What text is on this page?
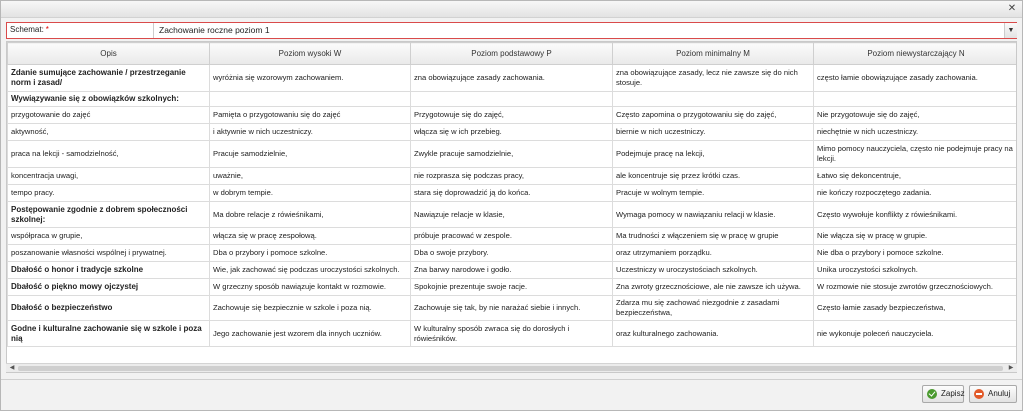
✕
Schemat: *	Zachowanie roczne poziom 1	▼
Opis	Poziom wysoki W	Poziom podstawowy P	Poziom minimalny M	Poziom niewystarczający N
Zdanie sumujące zachowanie / przestrzeganie norm i zasad/	wyróżnia się wzorowym zachowaniem.	zna obowiązujące zasady zachowania.	zna obowiązujące zasady, lecz nie zawsze się do nich stosuje.	często łamie obowiązujące zasady zachowania.
Wywiązywanie się z obowiązków szkolnych:				
przygotowanie do zajęć	Pamięta o przygotowaniu się do zajęć	Przygotowuje się do zajęć,	Często zapomina o przygotowaniu się do zajęć,	Nie przygotowuje się do zajęć,
aktywność,	i aktywnie w nich uczestniczy.	włącza się w ich przebieg.	biernie w nich uczestniczy.	niechętnie w nich uczestniczy.
praca na lekcji - samodzielność,	Pracuje samodzielnie,	Zwykle pracuje samodzielnie,	Podejmuje pracę na lekcji,	Mimo pomocy nauczyciela, często nie podejmuje pracy na lekcji.
koncentracja uwagi,	uważnie,	nie rozprasza się podczas pracy,	ale koncentruje się przez krótki czas.	Łatwo się dekoncentruje,
tempo pracy.	w dobrym tempie.	stara się doprowadzić ją do końca.	Pracuje w wolnym tempie.	nie kończy rozpoczętego zadania.
Postępowanie zgodnie z dobrem społeczności szkolnej:	Ma dobre relacje z rówieśnikami,	Nawiązuje relacje w klasie,	Wymaga pomocy w nawiązaniu relacji w klasie.	Często wywołuje konflikty z rówieśnikami.
współpraca w grupie,	włącza się w pracę zespołową.	próbuje pracować w zespole.	Ma trudności z włączeniem się w pracę w grupie	Nie włącza się w pracę w grupie.
poszanowanie własności wspólnej i prywatnej.	Dba o przybory i pomoce szkolne.	Dba o swoje przybory.	oraz utrzymaniem porządku.	Nie dba o przybory i pomoce szkolne.
Dbałość o honor i tradycje szkolne	Wie, jak zachować się podczas uroczystości szkolnych.	Zna barwy narodowe i godło.	Uczestniczy w uroczystościach szkolnych.	Unika uroczystości szkolnych.
Dbałość o piękno mowy ojczystej	W grzeczny sposób nawiązuje kontakt w rozmowie.	Spokojnie prezentuje swoje racje.	Zna zwroty grzecznościowe, ale nie zawsze ich używa.	W rozmowie nie stosuje zwrotów grzecznościowych.
Dbałość o bezpieczeństwo	Zachowuje się bezpiecznie w szkole i poza nią.	Zachowuje się tak, by nie narażać siebie i innych.	Zdarza mu się zachować niezgodnie z zasadami bezpieczeństwa,	Często łamie zasady bezpieczeństwa,
Godne i kulturalne zachowanie się w szkole i poza nią	Jego zachowanie jest wzorem dla innych uczniów.	W kulturalny sposób zwraca się do dorosłych i rówieśników.	oraz kulturalnego zachowania.	nie wykonuje poleceń nauczyciela.
◀	▶
Zapisz	Anuluj
